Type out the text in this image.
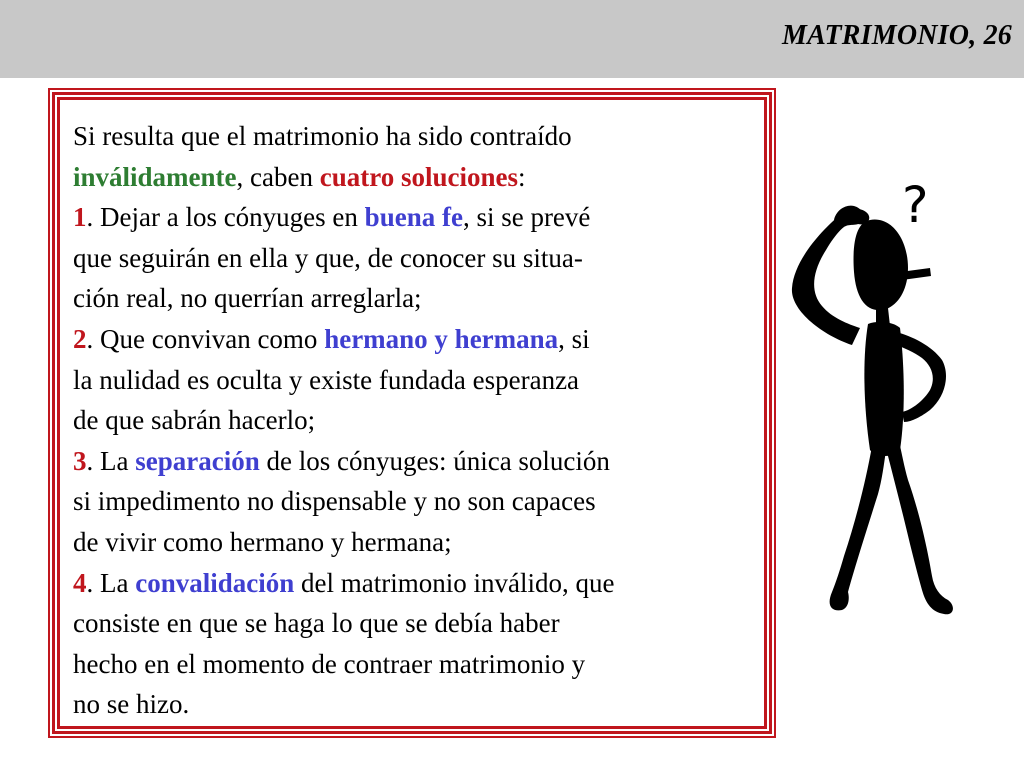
MATRIMONIO, 26
Si resulta que el matrimonio ha sido contraído
inválidamente, caben cuatro soluciones:
1. Dejar a los cónyuges en buena fe, si se prevé
que seguirán en ella y que, de conocer su situa-
ción real, no querrían arreglarla;
2. Que convivan como hermano y hermana, si
la nulidad es oculta y existe fundada esperanza
de que sabrán hacerlo;
3. La separación de los cónyuges: única solución
si impedimento no dispensable y no son capaces
de vivir como hermano y hermana;
4. La convalidación del matrimonio inválido, que
consiste en que se haga lo que se debía haber
hecho en el momento de contraer matrimonio y
no se hizo.
?
